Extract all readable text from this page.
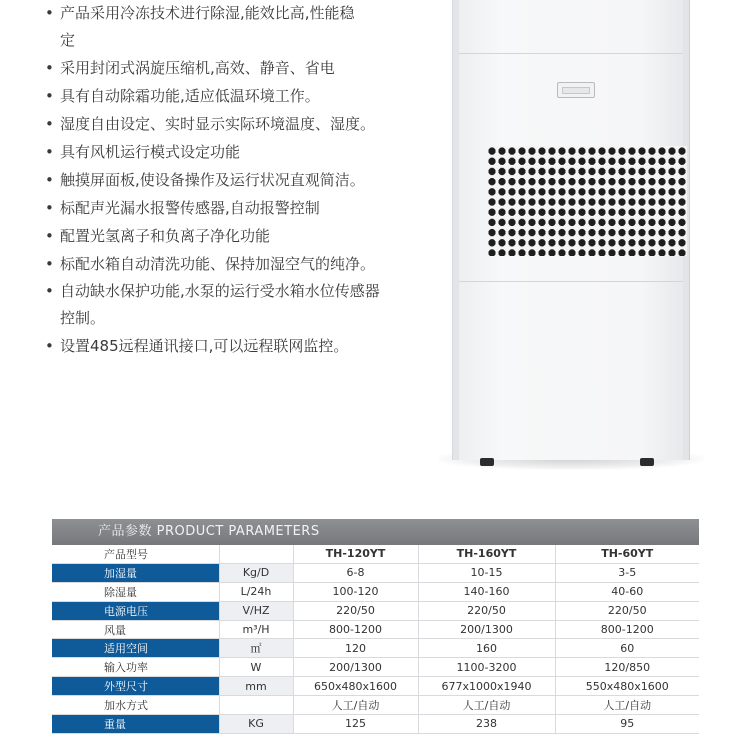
• 产品采用冷冻技术进行除湿,能效比高,性能稳
定
• 采用封闭式涡旋压缩机,高效、静音、省电
• 具有自动除霜功能,适应低温环境工作。
• 湿度自由设定、实时显示实际环境温度、湿度。
• 具有风机运行模式设定功能
• 触摸屏面板,使设备操作及运行状况直观简洁。
• 标配声光漏水报警传感器,自动报警控制
• 配置光氢离子和负离子净化功能
• 标配水箱自动清洗功能、保持加湿空气的纯净。
• 自动缺水保护功能,水泵的运行受水箱水位传感器
控制。
• 设置485远程通讯接口,可以远程联网监控。
产品参数 PRODUCT PARAMETERS
产品型号		TH-120YT	TH-160YT	TH-60YT
加湿量	Kg/D	6-8	10-15	3-5
除湿量	L/24h	100-120	140-160	40-60
电源电压	V/HZ	220/50	220/50	220/50
风量	m³/H	800-1200	200/1300	800-1200
适用空间	㎡	120	160	60
输入功率	W	200/1300	1100-3200	120/850
外型尺寸	mm	650x480x1600	677x1000x1940	550x480x1600
加水方式		人工/自动	人工/自动	人工/自动
重量	KG	125	238	95
